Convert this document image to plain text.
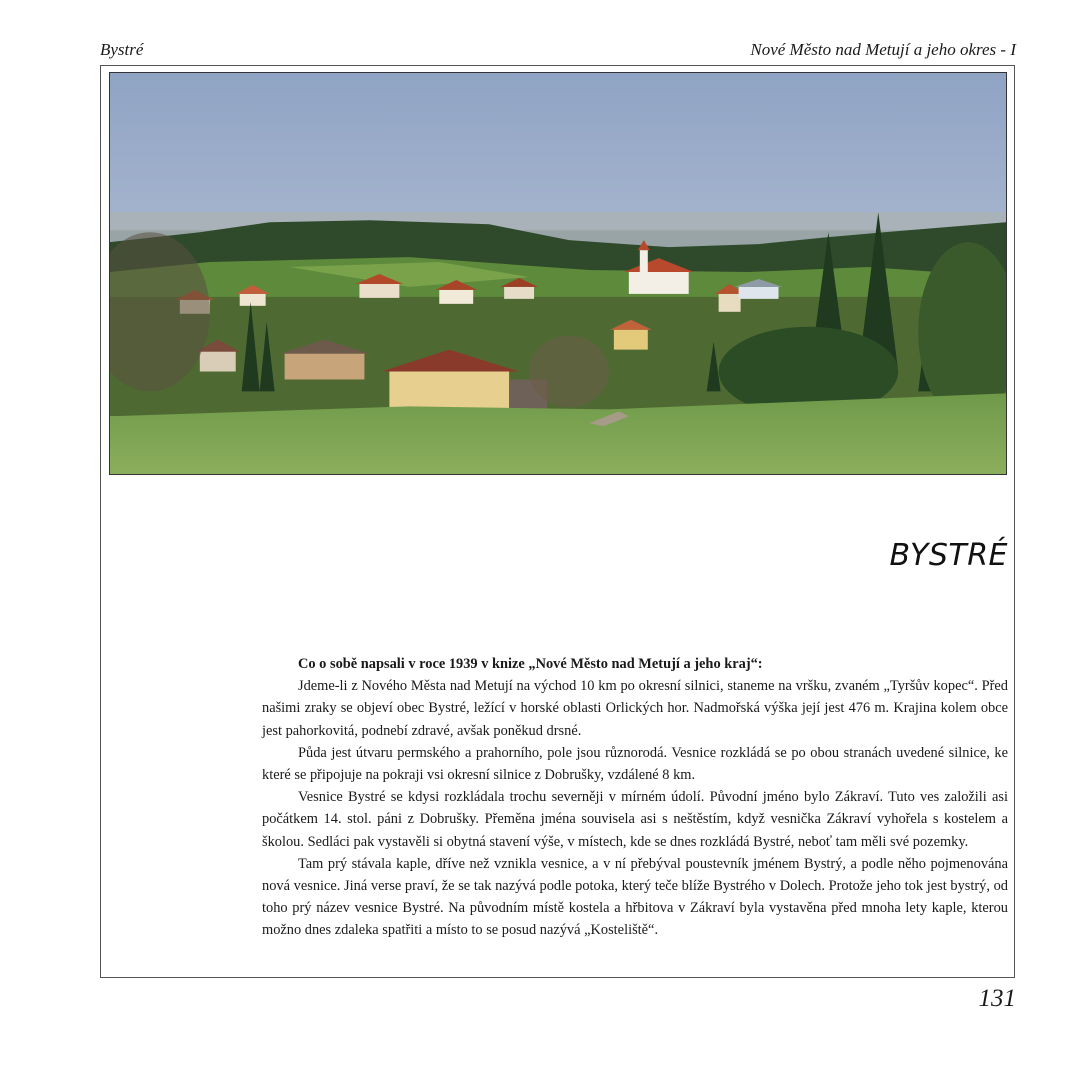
Bystré	Nové Město nad Metují a jeho okres - I
BYSTRÉ

Co o sobě napsali v roce 1939 v knize „Nové Město nad Metují a jeho kraj“:

Jdeme-li z Nového Města nad Metují na východ 10 km po okresní silnici, staneme na vršku, zvaném „Tyršův kopec“. Před našimi zraky se objeví obec Bystré, ležící v horské oblasti Orlických hor. Nadmořská výška její jest 476 m. Krajina kolem obce jest pahorkovitá, podnebí zdravé, avšak poněkud drsné.

Půda jest útvaru permského a prahorního, pole jsou různorodá. Vesnice rozkládá se po obou stranách uvedené silnice, ke které se připojuje na pokraji vsi okresní silnice z Dobrušky, vzdálené 8 km.

Vesnice Bystré se kdysi rozkládala trochu severněji v mírném údolí. Původní jméno bylo Zákraví. Tuto ves založili asi počátkem 14. stol. páni z Dobrušky. Přeměna jména souvisela asi s neštěstím, když vesnička Zákraví vyhořela s kostelem a školou. Sedláci pak vystavěli si obytná stavení výše, v místech, kde se dnes rozkládá Bystré, neboť tam měli své pozemky.

Tam prý stávala kaple, dříve než vznikla vesnice, a v ní přebýval poustevník jménem Bystrý, a podle něho pojmenována nová vesnice. Jiná verse praví, že se tak nazývá podle potoka, který teče blíže Bystrého v Dolech. Protože jeho tok jest bystrý, od toho prý název vesnice Bystré. Na původním místě kostela a hřbitova v Zákraví byla vystavěna před mnoha lety kaple, kterou možno dnes zdaleka spatřiti a místo to se posud nazývá „Kosteliště“.

131
